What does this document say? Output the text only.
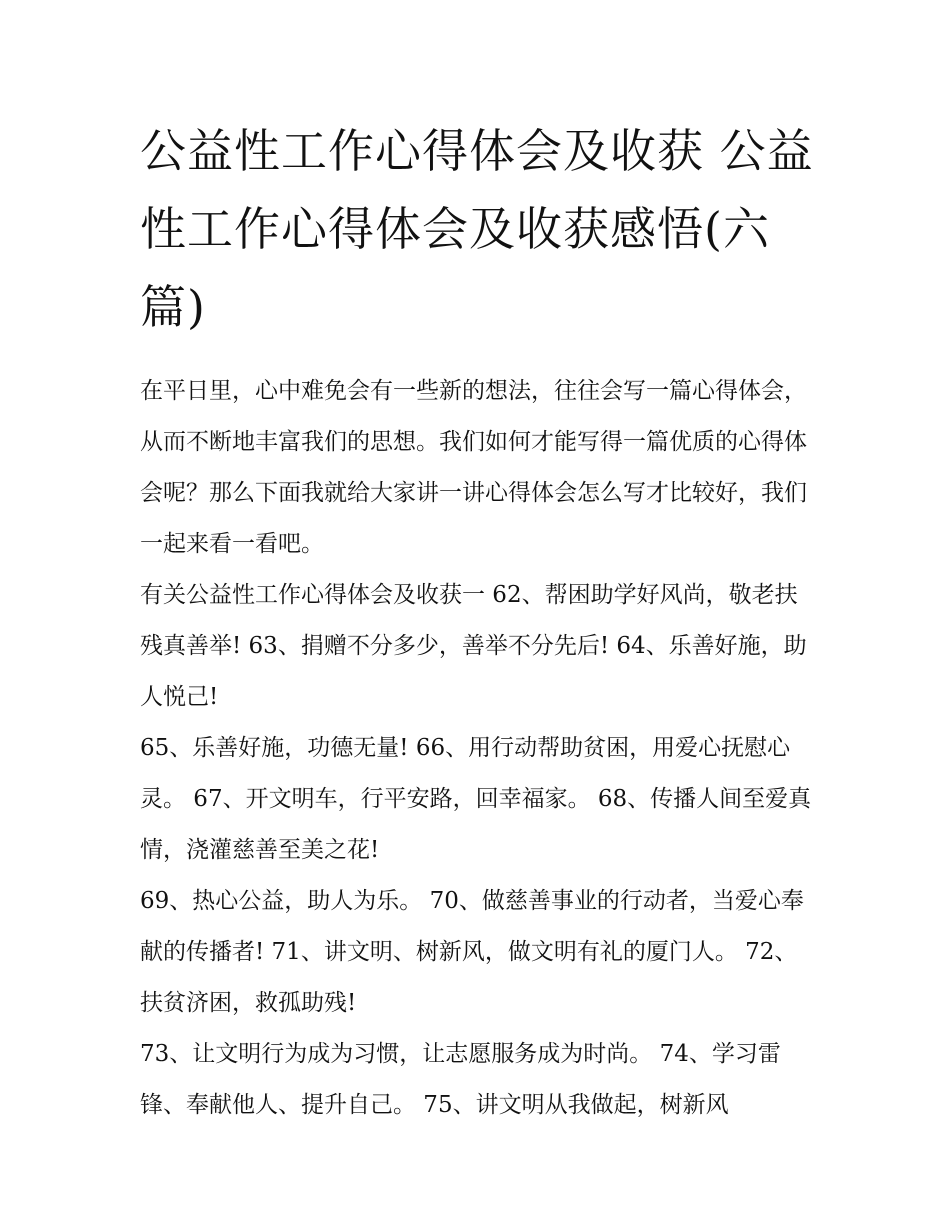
公益性工作心得体会及收获 公益性工作心得体会及收获感悟(六篇)

在平日里，心中难免会有一些新的想法，往往会写一篇心得体会，从而不断地丰富我们的思想。我们如何才能写得一篇优质的心得体会呢？那么下面我就给大家讲一讲心得体会怎么写才比较好，我们一起来看一看吧。

有关公益性工作心得体会及收获一 62、帮困助学好风尚，敬老扶残真善举! 63、捐赠不分多少，善举不分先后! 64、乐善好施，助人悦己!

65、乐善好施，功德无量! 66、用行动帮助贫困，用爱心抚慰心灵。 67、开文明车，行平安路，回幸福家。 68、传播人间至爱真情，浇灌慈善至美之花!

69、热心公益，助人为乐。 70、做慈善事业的行动者，当爱心奉献的传播者! 71、讲文明、树新风，做文明有礼的厦门人。 72、扶贫济困，救孤助残!

73、让文明行为成为习惯，让志愿服务成为时尚。 74、学习雷锋、奉献他人、提升自己。 75、讲文明从我做起，树新风
